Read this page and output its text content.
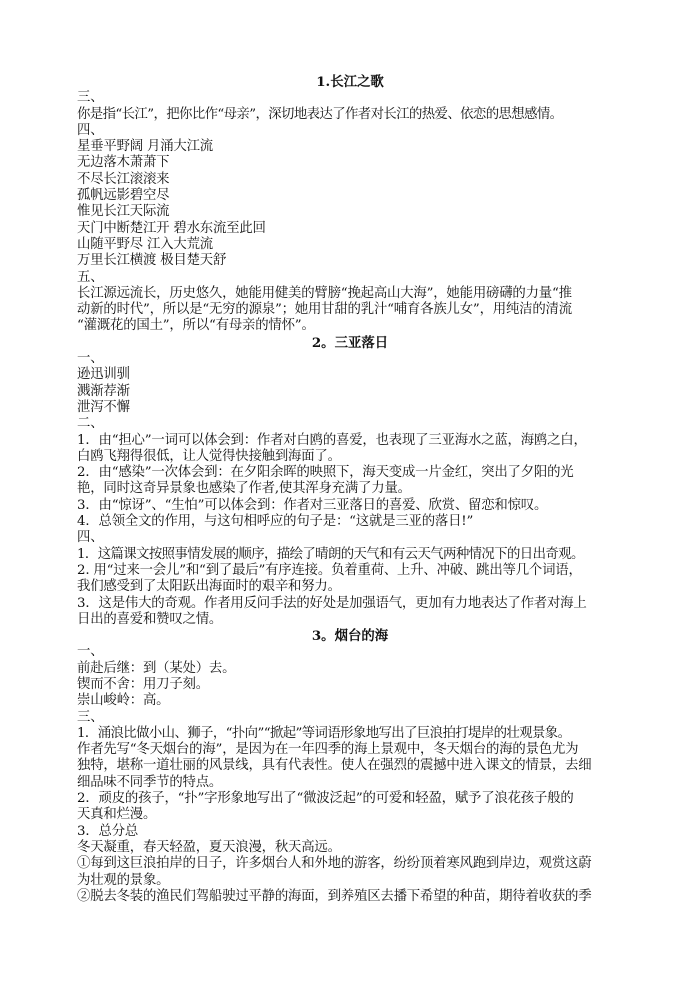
1.长江之歌
三、
你是指“长江”，把你比作“母亲”，深切地表达了作者对长江的热爱、依恋的思想感情。
四、
星垂平野阔 月涌大江流
无边落木萧萧下
不尽长江滚滚来
孤帆远影碧空尽
惟见长江天际流
天门中断楚江开 碧水东流至此回
山随平野尽 江入大荒流
万里长江横渡 极目楚天舒
五、
长江源远流长，历史悠久，她能用健美的臂膀“挽起高山大海”，她能用磅礴的力量“推
动新的时代”，所以是“无穷的源泉”；她用甘甜的乳汁“哺育各族儿女”，用纯洁的清流
“灌溉花的国土”，所以“有母亲的情怀”。
2。三亚落日
一、
逊迅训驯
溅渐荐渐
泄泻不懈
二、
1．由“担心”一词可以体会到：作者对白鸥的喜爱，也表现了三亚海水之蓝，海鸥之白，
白鸥飞翔得很低，让人觉得快接触到海面了。
2．由“感染”一次体会到：在夕阳余晖的映照下，海天变成一片金红，突出了夕阳的光
艳，同时这奇异景象也感染了作者,使其浑身充满了力量。
3．由“惊讶”、“生怕”可以体会到：作者对三亚落日的喜爱、欣赏、留恋和惊叹。
4．总领全文的作用，与这句相呼应的句子是：“这就是三亚的落日!”
四、
1．这篇课文按照事情发展的顺序，描绘了晴朗的天气和有云天气两种情况下的日出奇观。
2. 用“过来一会儿”和“到了最后”有序连接。负着重荷、上升、冲破、跳出等几个词语，
我们感受到了太阳跃出海面时的艰辛和努力。
3．这是伟大的奇观。作者用反问手法的好处是加强语气，更加有力地表达了作者对海上
日出的喜爱和赞叹之情。
3。烟台的海
一、
前赴后继：到（某处）去。
锲而不舍：用刀子刻。
崇山峻岭：高。
三、
1．涌浪比做小山、狮子，“扑向”“掀起”等词语形象地写出了巨浪拍打堤岸的壮观景象。
作者先写“冬天烟台的海”，是因为在一年四季的海上景观中，冬天烟台的海的景色尤为
独特，堪称一道壮丽的风景线，具有代表性。使人在强烈的震撼中进入课文的情景，去细
细品味不同季节的特点。
2．顽皮的孩子，“扑”字形象地写出了“微波泛起”的可爱和轻盈，赋予了浪花孩子般的
天真和烂漫。
3．总分总
冬天凝重，春天轻盈，夏天浪漫，秋天高远。
①每到这巨浪拍岸的日子，许多烟台人和外地的游客，纷纷顶着寒风跑到岸边，观赏这蔚
为壮观的景象。
②脱去冬装的渔民们驾船驶过平静的海面，到养殖区去播下希望的种苗，期待着收获的季
